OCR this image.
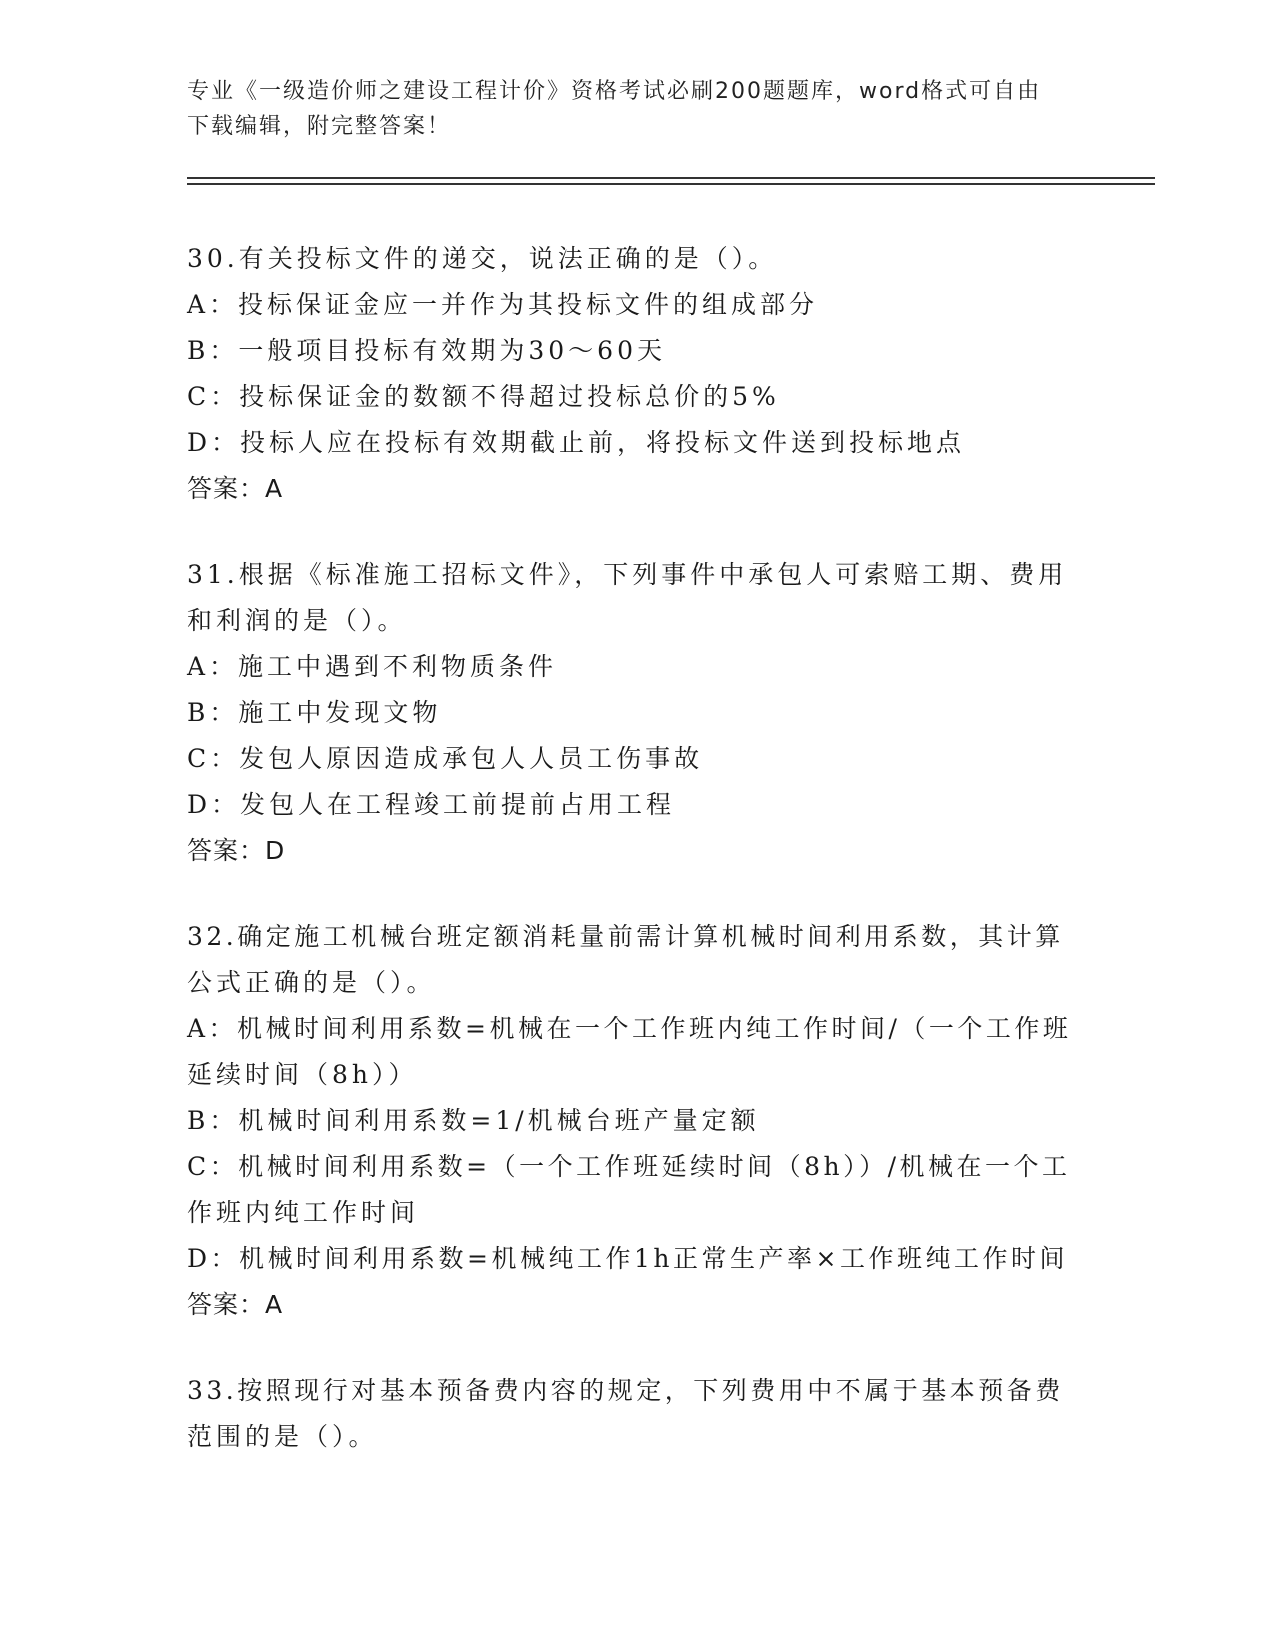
专业《一级造价师之建设工程计价》资格考试必刷200题题库，word格式可自由
下载编辑，附完整答案！
30.有关投标文件的递交，说法正确的是（）。
A：投标保证金应一并作为其投标文件的组成部分
B：一般项目投标有效期为30～60天
C：投标保证金的数额不得超过投标总价的5%
D：投标人应在投标有效期截止前，将投标文件送到投标地点
答案：A
31.根据《标准施工招标文件》，下列事件中承包人可索赔工期、费用
和利润的是（）。
A：施工中遇到不利物质条件
B：施工中发现文物
C：发包人原因造成承包人人员工伤事故
D：发包人在工程竣工前提前占用工程
答案：D
32.确定施工机械台班定额消耗量前需计算机械时间利用系数，其计算
公式正确的是（）。
A：机械时间利用系数=机械在一个工作班内纯工作时间/（一个工作班
延续时间（8h））
B：机械时间利用系数=1/机械台班产量定额
C：机械时间利用系数=（一个工作班延续时间（8h））/机械在一个工
作班内纯工作时间
D：机械时间利用系数=机械纯工作1h正常生产率×工作班纯工作时间
答案：A
33.按照现行对基本预备费内容的规定，下列费用中不属于基本预备费
范围的是（）。
